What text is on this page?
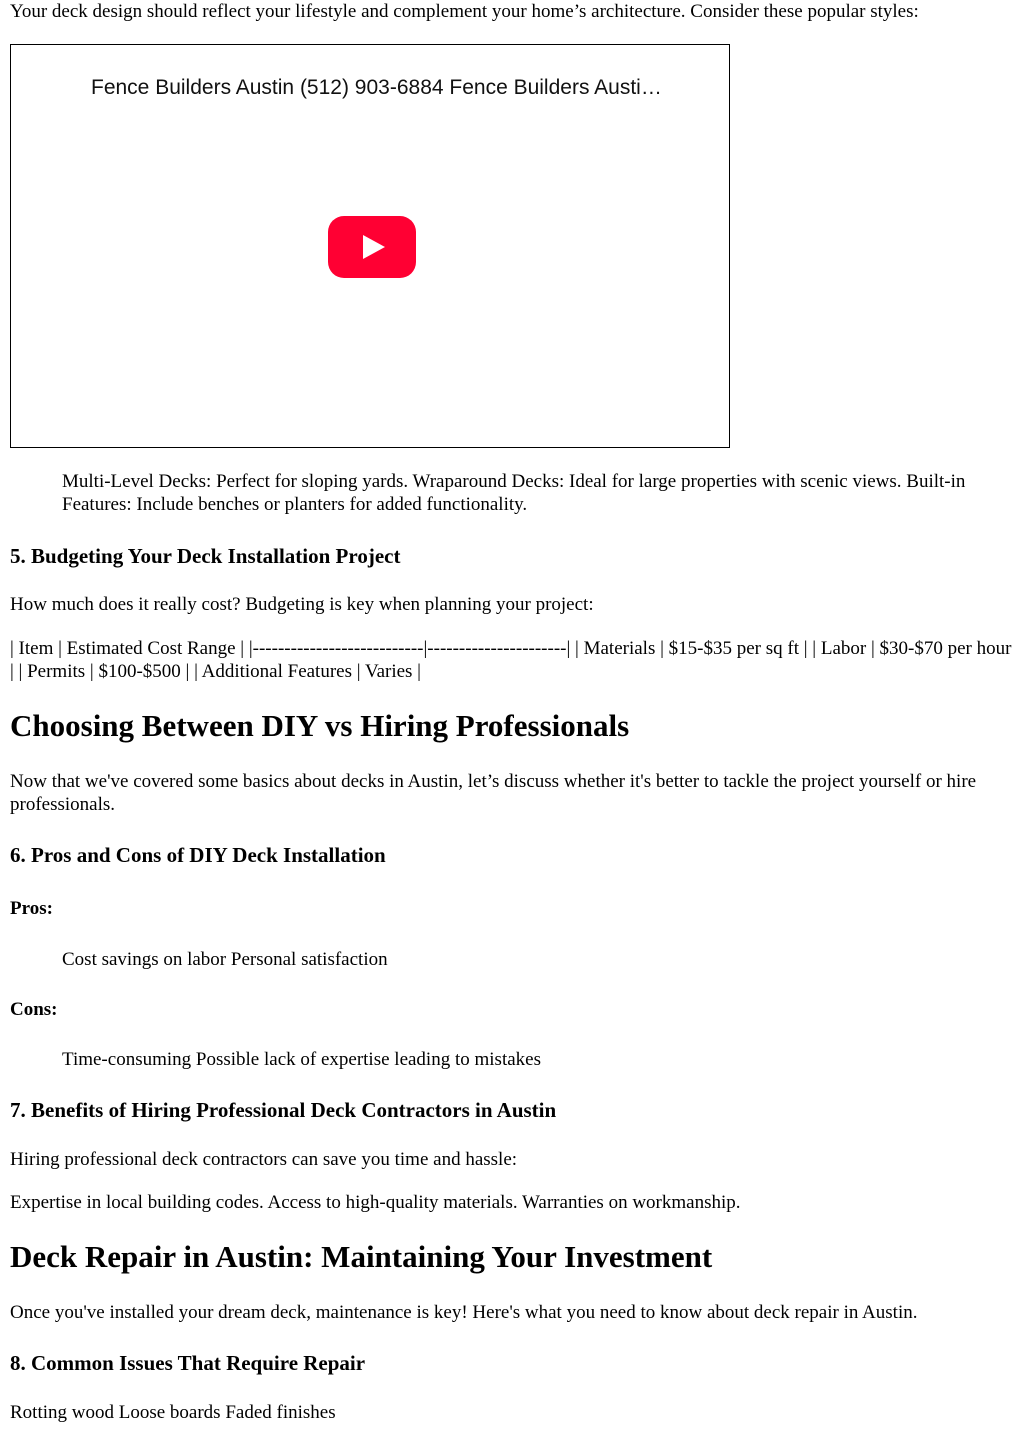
Your deck design should reflect your lifestyle and complement your home’s architecture. Consider these popular styles:

Fence Builders Austin (512) 903-6884 Fence Builders Austi…

Multi-Level Decks: Perfect for sloping yards. Wraparound Decks: Ideal for large properties with scenic views. Built-in Features: Include benches or planters for added functionality.

5. Budgeting Your Deck Installation Project

How much does it really cost? Budgeting is key when planning your project:

| Item | Estimated Cost Range | |---------------------------|----------------------| | Materials | $15-$35 per sq ft | | Labor | $30-$70 per hour | | Permits | $100-$500 | | Additional Features | Varies |

Choosing Between DIY vs Hiring Professionals

Now that we've covered some basics about decks in Austin, let’s discuss whether it's better to tackle the project yourself or hire professionals.

6. Pros and Cons of DIY Deck Installation

Pros:

Cost savings on labor Personal satisfaction

Cons:

Time-consuming Possible lack of expertise leading to mistakes

7. Benefits of Hiring Professional Deck Contractors in Austin

Hiring professional deck contractors can save you time and hassle:

Expertise in local building codes. Access to high-quality materials. Warranties on workmanship.

Deck Repair in Austin: Maintaining Your Investment

Once you've installed your dream deck, maintenance is key! Here's what you need to know about deck repair in Austin.

8. Common Issues That Require Repair

Rotting wood Loose boards Faded finishes
